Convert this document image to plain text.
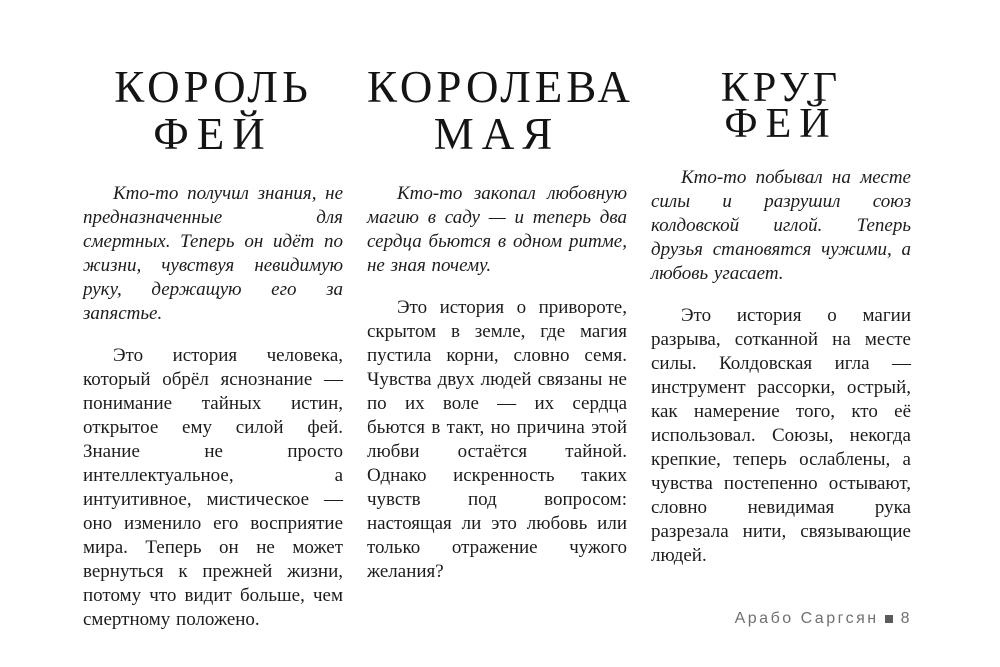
КОРОЛЬ
ФЕЙ

Кто-то получил знания, не предназначенные для смертных. Теперь он идёт по жизни, чувствуя невидимую руку, держащую его за запястье.

Это история человека, который обрёл яснознание — понимание тайных истин, открытое ему силой фей. Знание не просто интеллектуальное, а интуитивное, мистическое — оно изменило его восприятие мира. Теперь он не может вернуться к прежней жизни, потому что видит больше, чем смертному положено.

КОРОЛЕВА
МАЯ

Кто-то закопал любовную магию в саду — и теперь два сердца бьются в одном ритме, не зная почему.

Это история о привороте, скрытом в земле, где магия пустила корни, словно семя. Чувства двух людей связаны не по их воле — их сердца бьются в такт, но причина этой любви остаётся тайной. Однако искренность таких чувств под вопросом: настоящая ли это любовь или только отражение чужого желания?

КРУГ
ФЕЙ

Кто-то побывал на месте силы и разрушил союз колдовской иглой. Теперь друзья становятся чужими, а любовь угасает.

Это история о магии разрыва, сотканной на месте силы. Колдовская игла — инструмент рассорки, острый, как намерение того, кто её использовал. Союзы, некогда крепкие, теперь ослаблены, а чувства постепенно остывают, словно невидимая рука разрезала нити, связывающие людей.

Арабо Саргсян 8
